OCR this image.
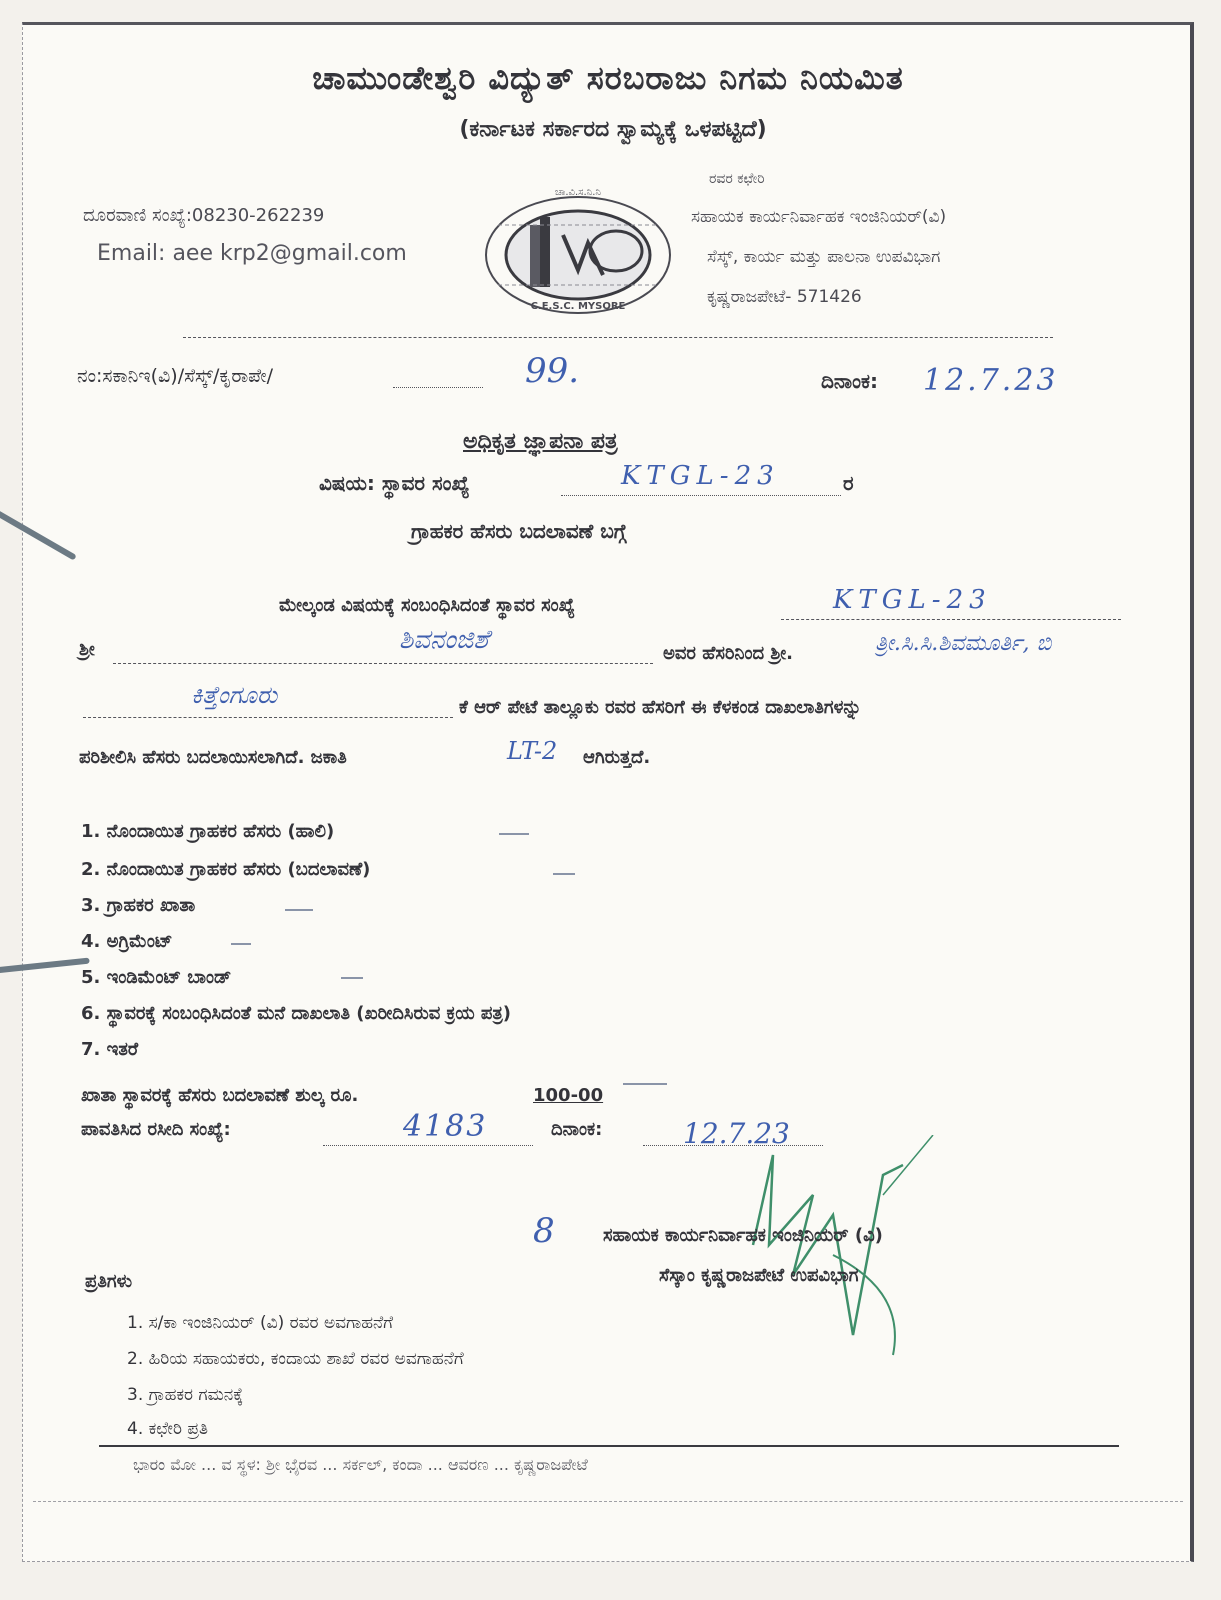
ಚಾಮುಂಡೇಶ್ವರಿ ವಿದ್ಯುತ್ ಸರಬರಾಜು ನಿಗಮ ನಿಯಮಿತ
(ಕರ್ನಾಟಕ ಸರ್ಕಾರದ ಸ್ವಾಮ್ಯಕ್ಕೆ ಒಳಪಟ್ಟಿದೆ)
ದೂರವಾಣಿ ಸಂಖ್ಯೆ:08230-262239
Email: aee krp2@gmail.com
ಚಾ.ವಿ.ಸ.ನಿ.ನಿ
C.E.S.C. MYSORE
ರವರ ಕಛೇರಿ
ಸಹಾಯಕ ಕಾರ್ಯನಿರ್ವಾಹಕ ಇಂಜಿನಿಯರ್(ವಿ)
ಸೆಸ್ಕ್, ಕಾರ್ಯ ಮತ್ತು ಪಾಲನಾ ಉಪವಿಭಾಗ
ಕೃಷ್ಣರಾಜಪೇಟೆ- 571426
ನಂ:ಸಕಾನಿಇ(ವಿ)/ಸೆಸ್ಕ್/ಕೃರಾಪೇ/	99.	ದಿನಾಂಕ: 12.7.23
ಅಧಿಕೃತ ಜ್ಞಾಪನಾ ಪತ್ರ
ವಿಷಯ: ಸ್ಥಾವರ ಸಂಖ್ಯೆ	KTGL-23	ರ
ಗ್ರಾಹಕರ ಹೆಸರು ಬದಲಾವಣೆ ಬಗ್ಗೆ
ಮೇಲ್ಕಂಡ ವಿಷಯಕ್ಕೆ ಸಂಬಂಧಿಸಿದಂತೆ ಸ್ಥಾವರ ಸಂಖ್ಯೆ	KTGL-23
ಶ್ರೀ	ಶಿವನಂಜಿಶೆ	ಅವರ ಹೆಸರಿನಿಂದ ಶ್ರೀ.	ತ್ರೀ.ಸಿ.ಸಿ.ಶಿವಮೂರ್ತಿ, ಬಿ
ಕಿತ್ತೆಂಗೂರು	ಕೆ ಆರ್ ಪೇಟೆ ತಾಲ್ಲೂಕು ರವರ ಹೆಸರಿಗೆ ಈ ಕೆಳಕಂಡ ದಾಖಲಾತಿಗಳನ್ನು
ಪರಿಶೀಲಿಸಿ ಹೆಸರು ಬದಲಾಯಿಸಲಾಗಿದೆ. ಜಕಾತಿ	LT-2 ಆಗಿರುತ್ತದೆ.
1. ನೊಂದಾಯಿತ ಗ್ರಾಹಕರ ಹೆಸರು (ಹಾಲಿ)
2. ನೊಂದಾಯಿತ ಗ್ರಾಹಕರ ಹೆಸರು (ಬದಲಾವಣೆ)
3. ಗ್ರಾಹಕರ ಖಾತಾ
4. ಅಗ್ರಿಮೆಂಟ್
5. ಇಂಡಿಮೆಂಟ್ ಬಾಂಡ್
6. ಸ್ಥಾವರಕ್ಕೆ ಸಂಬಂಧಿಸಿದಂತೆ ಮನೆ ದಾಖಲಾತಿ (ಖರೀದಿಸಿರುವ ಕ್ರಯ ಪತ್ರ)
7. ಇತರೆ
ಖಾತಾ ಸ್ಥಾವರಕ್ಕೆ ಹೆಸರು ಬದಲಾವಣೆ ಶುಲ್ಕ ರೂ.	100-00
ಪಾವತಿಸಿದ ರಸೀದಿ ಸಂಖ್ಯೆ:	4183	ದಿನಾಂಕ:	12.7.23
8	ಸಹಾಯಕ ಕಾರ್ಯನಿರ್ವಾಹಕ ಇಂಜಿನಿಯರ್ (ವಿ)
ಸೆಸ್ಕಾಂ ಕೃಷ್ಣರಾಜಪೇಟೆ ಉಪವಿಭಾಗ
ಪ್ರತಿಗಳು
1. ಸ/ಕಾ ಇಂಜಿನಿಯರ್ (ವಿ) ರವರ ಅವಗಾಹನೆಗೆ
2. ಹಿರಿಯ ಸಹಾಯಕರು, ಕಂದಾಯ ಶಾಖೆ ರವರ ಅವಗಾಹನೆಗೆ
3. ಗ್ರಾಹಕರ ಗಮನಕ್ಕೆ
4. ಕಛೇರಿ ಪ್ರತಿ
ಭಾರಂ ಮೋ ... ವ ಸ್ಥಳ: ಶ್ರೀ ಭೈರವ ... ಸರ್ಕಲ್, ಕಂದಾ ... ಆವರಣ ... ಕೃಷ್ಣರಾಜಪೇಟೆ
